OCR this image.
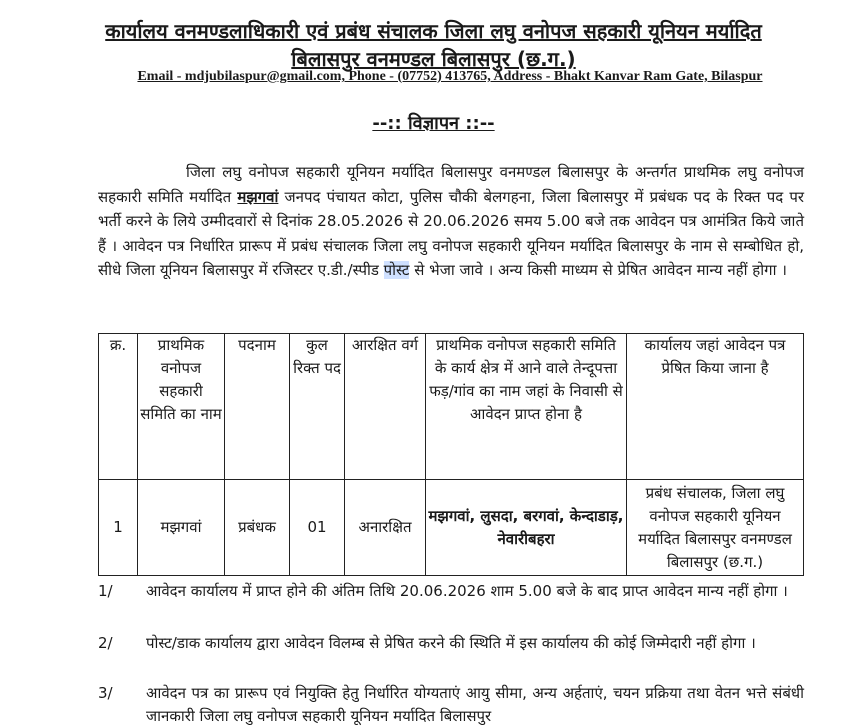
कार्यालय वनमण्डलाधिकारी एवं प्रबंध संचालक जिला लघु वनोपज सहकारी यूनियन मर्यादित
बिलासपुर वनमण्डल बिलासपुर (छ.ग.)
Email - mdjubilaspur@gmail.com, Phone - (07752) 413765, Address - Bhakt Kanvar Ram Gate, Bilaspur
--:: विज्ञापन ::--
जिला लघु वनोपज सहकारी यूनियन मर्यादित बिलासपुर वनमण्डल बिलासपुर के अन्तर्गत प्राथमिक लघु वनोपज सहकारी समिति मर्यादित मझगवां जनपद पंचायत कोटा, पुलिस चौकी बेलगहना, जिला बिलासपुर में प्रबंधक पद के रिक्त पद पर भर्ती करने के लिये उम्मीदवारों से दिनांक 28.05.2026 से 20.06.2026 समय 5.00 बजे तक आवेदन पत्र आमंत्रित किये जाते हैं । आवेदन पत्र निर्धारित प्रारूप में प्रबंध संचालक जिला लघु वनोपज सहकारी यूनियन मर्यादित बिलासपुर के नाम से सम्बोधित हो, सीधे जिला यूनियन बिलासपुर में रजिस्टर ए.डी./स्पीड पोस्ट से भेजा जावे । अन्य किसी माध्यम से प्रेषित आवेदन मान्य नहीं होगा ।
क्र.	प्राथमिक वनोपज सहकारी समिति का नाम	पदनाम	कुल रिक्त पद	आरक्षित वर्ग	प्राथमिक वनोपज सहकारी समिति के कार्य क्षेत्र में आने वाले तेन्दूपत्ता फड़/गांव का नाम जहां के निवासी से आवेदन प्राप्त होना है	कार्यालय जहां आवेदन पत्र प्रेषित किया जाना है
1	मझगवां	प्रबंधक	01	अनारक्षित	मझगवां, लुसदा, बरगवां, केन्दाडाड़, नेवारीबहरा	प्रबंध संचालक, जिला लघु वनोपज सहकारी यूनियन मर्यादित बिलासपुर वनमण्डल बिलासपुर (छ.ग.)
1/	आवेदन कार्यालय में प्राप्त होने की अंतिम तिथि 20.06.2026 शाम 5.00 बजे के बाद प्राप्त आवेदन मान्य नहीं होगा ।
2/	पोस्ट/डाक कार्यालय द्वारा आवेदन विलम्ब से प्रेषित करने की स्थिति में इस कार्यालय की कोई जिम्मेदारी नहीं होगा ।
3/	आवेदन पत्र का प्रारूप एवं नियुक्ति हेतु निर्धारित योग्यताएं आयु सीमा, अन्य अर्हताएं, चयन प्रक्रिया तथा वेतन भत्ते संबंधी जानकारी जिला लघु वनोपज सहकारी यूनियन मर्यादित बिलासपुर
